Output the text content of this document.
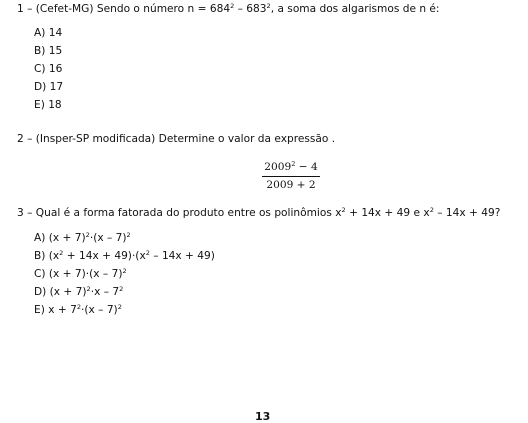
1 – (Cefet-MG) Sendo o número $n = 684^2 - 683^2$, a soma dos algarismos de n é:
A) 14
B) 15
C) 16
D) 17
E) 18
2 – (Insper-SP modificada) Determine o valor da expressão .
$2009^2 - 4$
2009 + 2
3 – Qual é a forma fatorada do produto entre os polinômios $x^2 + 14x + 49$ e $x^2 - 14x + 49$?
A) $(x + 7)^2\cdot(x - 7)^2$
B) $(x^2 + 14x + 49)\cdot(x^2 - 14x + 49)$
C) (x + 7)·(x – 7)$^2$
D) $(x + 7)^2\cdot x - 7^2$
E) $x + 7^2\cdot(x - 7)^2$
13
